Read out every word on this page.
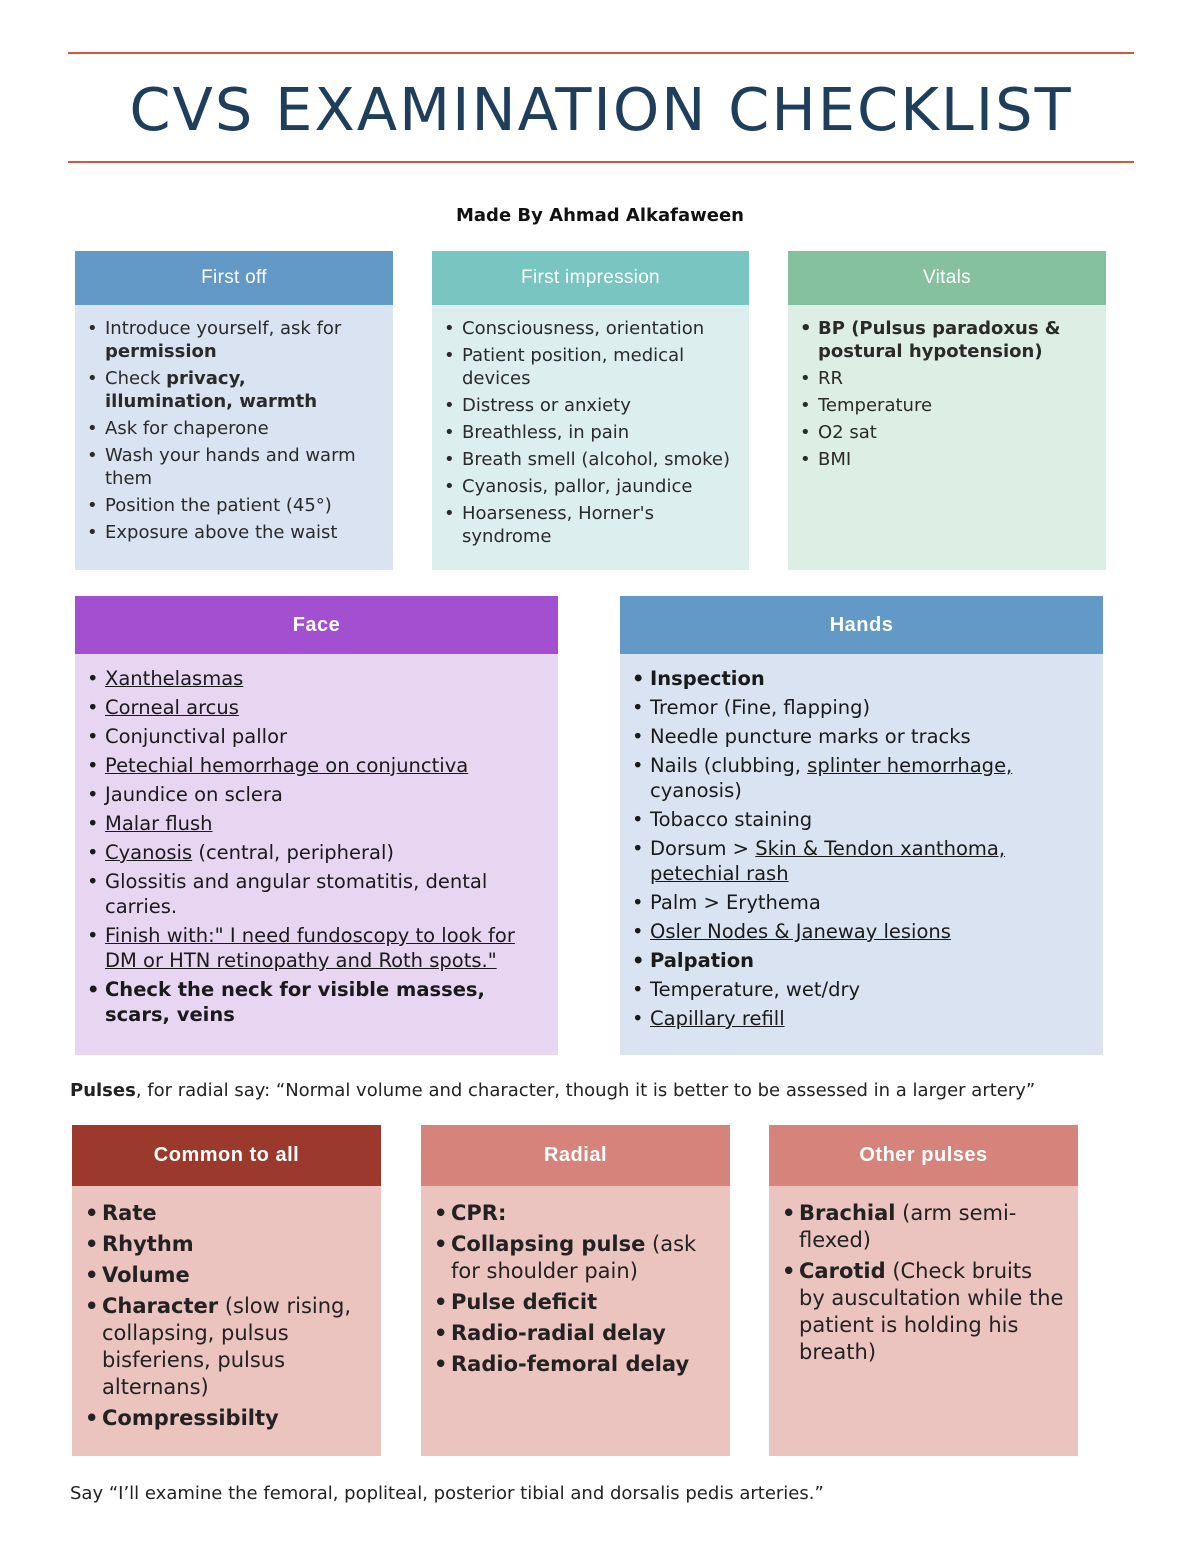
CVS EXAMINATION CHECKLIST
Made By Ahmad Alkafaween
First off
• Introduce yourself, ask for permission
• Check privacy, illumination, warmth
• Ask for chaperone
• Wash your hands and warm them
• Position the patient (45°)
• Exposure above the waist
First impression
• Consciousness, orientation
• Patient position, medical devices
• Distress or anxiety
• Breathless, in pain
• Breath smell (alcohol, smoke)
• Cyanosis, pallor, jaundice
• Hoarseness, Horner's syndrome
Vitals
• BP (Pulsus paradoxus & postural hypotension)
• RR
• Temperature
• O2 sat
• BMI
Face
• Xanthelasmas
• Corneal arcus
• Conjunctival pallor
• Petechial hemorrhage on conjunctiva
• Jaundice on sclera
• Malar flush
• Cyanosis (central, peripheral)
• Glossitis and angular stomatitis, dental carries.
• Finish with:" I need fundoscopy to look for DM or HTN retinopathy and Roth spots."
• Check the neck for visible masses, scars, veins
Hands
• Inspection
• Tremor (Fine, flapping)
• Needle puncture marks or tracks
• Nails (clubbing, splinter hemorrhage, cyanosis)
• Tobacco staining
• Dorsum > Skin & Tendon xanthoma, petechial rash
• Palm > Erythema
• Osler Nodes & Janeway lesions
• Palpation
• Temperature, wet/dry
• Capillary refill
Pulses, for radial say: “Normal volume and character, though it is better to be assessed in a larger artery”
Common to all
• Rate
• Rhythm
• Volume
• Character (slow rising, collapsing, pulsus bisferiens, pulsus alternans)
• Compressibilty
Radial
• CPR:
• Collapsing pulse (ask for shoulder pain)
• Pulse deficit
• Radio-radial delay
• Radio-femoral delay
Other pulses
• Brachial (arm semi-flexed)
• Carotid (Check bruits by auscultation while the patient is holding his breath)
Say “I’ll examine the femoral, popliteal, posterior tibial and dorsalis pedis arteries.”
